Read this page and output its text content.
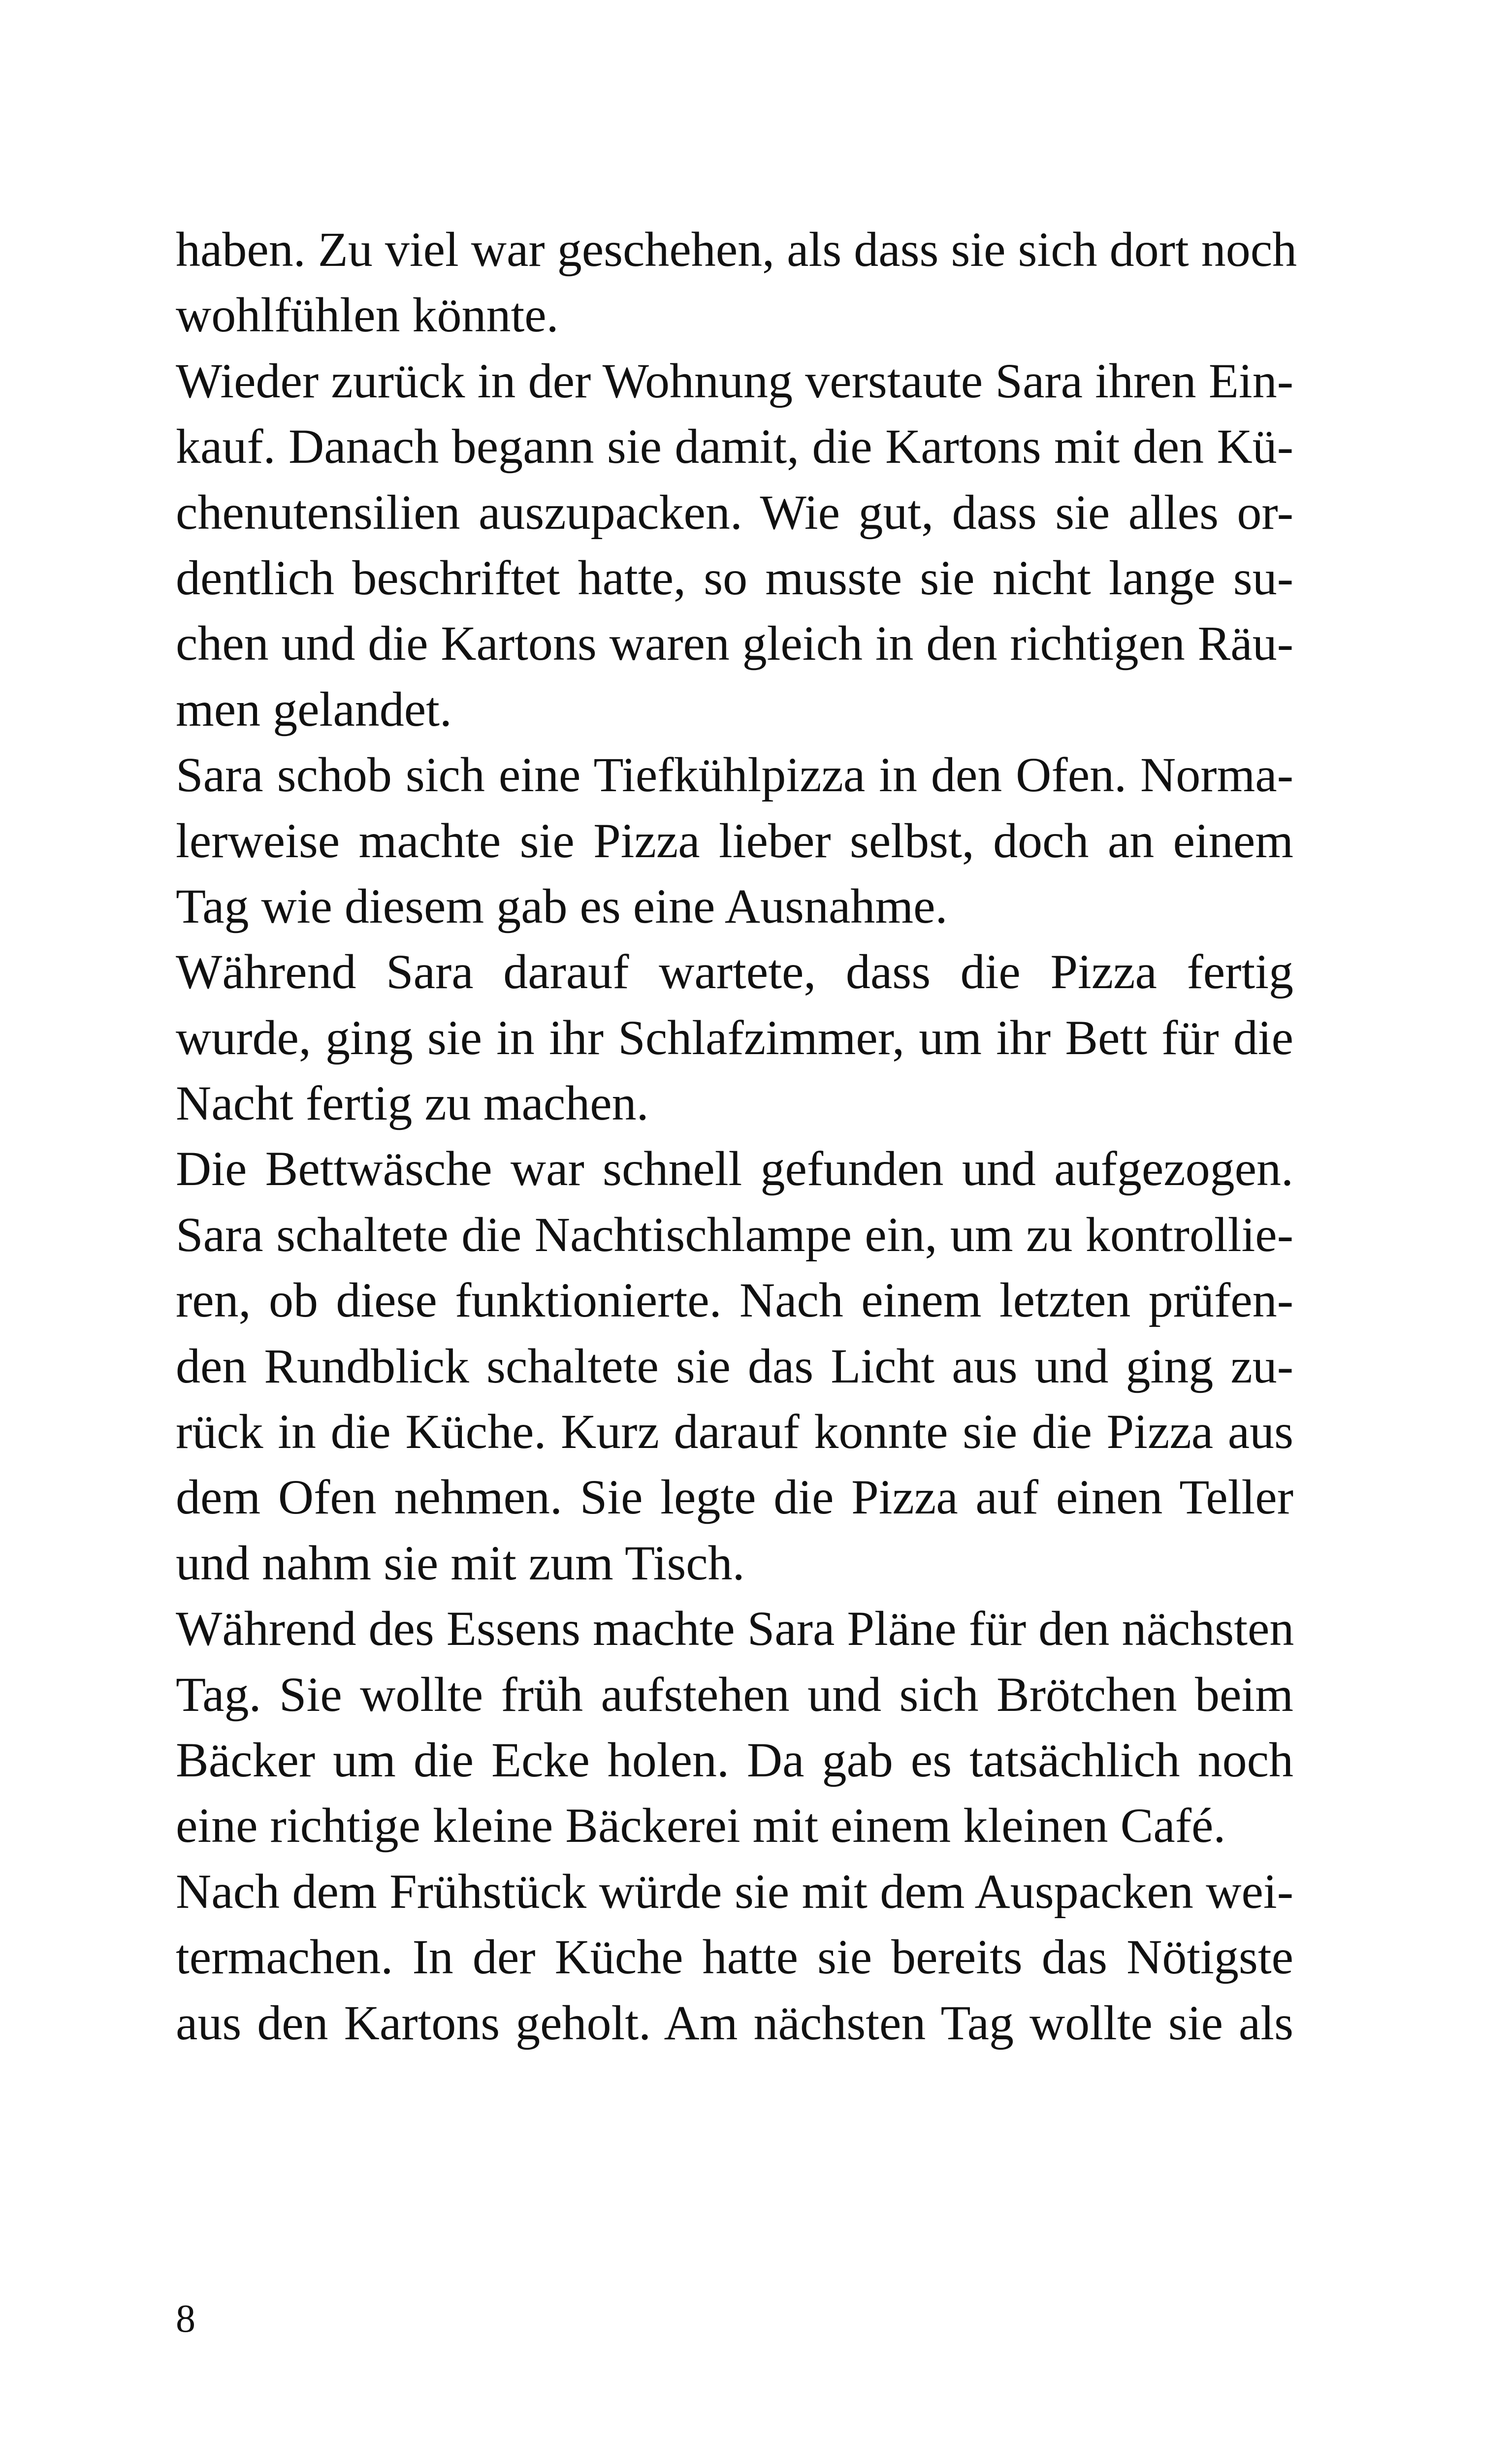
haben. Zu viel war geschehen, als dass sie sich dort noch
wohlfühlen könnte.
Wieder zurück in der Wohnung verstaute Sara ihren Ein-
kauf. Danach begann sie damit, die Kartons mit den Kü-
chenutensilien auszupacken. Wie gut, dass sie alles or-
dentlich beschriftet hatte, so musste sie nicht lange su-
chen und die Kartons waren gleich in den richtigen Räu-
men gelandet.
Sara schob sich eine Tiefkühlpizza in den Ofen. Norma-
lerweise machte sie Pizza lieber selbst, doch an einem
Tag wie diesem gab es eine Ausnahme.
Während Sara darauf wartete, dass die Pizza fertig
wurde, ging sie in ihr Schlafzimmer, um ihr Bett für die
Nacht fertig zu machen.
Die Bettwäsche war schnell gefunden und aufgezogen.
Sara schaltete die Nachtischlampe ein, um zu kontrollie-
ren, ob diese funktionierte. Nach einem letzten prüfen-
den Rundblick schaltete sie das Licht aus und ging zu-
rück in die Küche. Kurz darauf konnte sie die Pizza aus
dem Ofen nehmen. Sie legte die Pizza auf einen Teller
und nahm sie mit zum Tisch.
Während des Essens machte Sara Pläne für den nächsten
Tag. Sie wollte früh aufstehen und sich Brötchen beim
Bäcker um die Ecke holen. Da gab es tatsächlich noch
eine richtige kleine Bäckerei mit einem kleinen Café.
Nach dem Frühstück würde sie mit dem Auspacken wei-
termachen. In der Küche hatte sie bereits das Nötigste
aus den Kartons geholt. Am nächsten Tag wollte sie als
8
